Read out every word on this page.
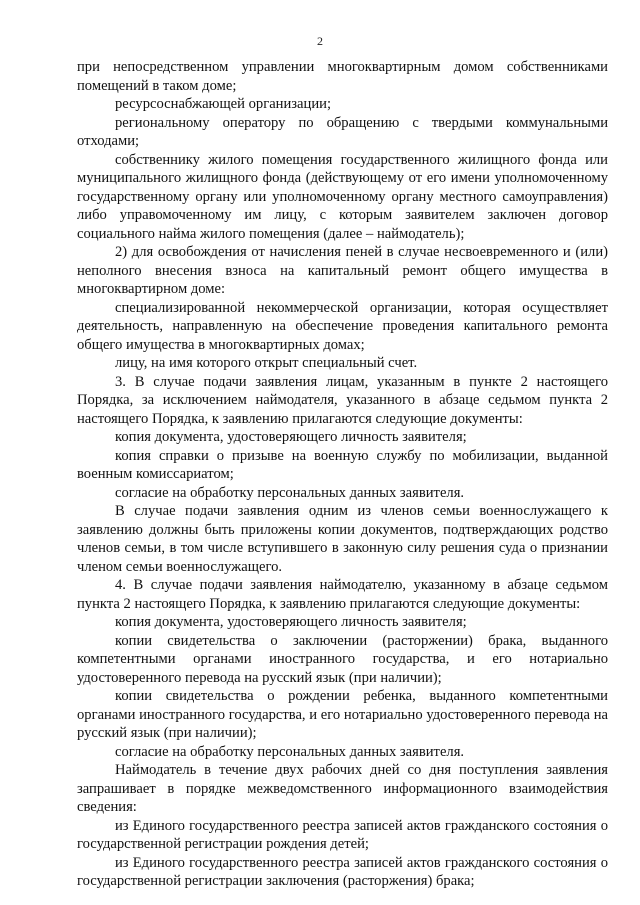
2

при непосредственном управлении многоквартирным домом собственниками помещений в таком доме;

ресурсоснабжающей организации;

региональному оператору по обращению с твердыми коммунальными отходами;

собственнику жилого помещения государственного жилищного фонда или муниципального жилищного фонда (действующему от его имени уполномоченному государственному органу или уполномоченному органу местного самоуправления) либо управомоченному им лицу, с которым заявителем заключен договор социального найма жилого помещения (далее – наймодатель);

2) для освобождения от начисления пеней в случае несвоевременного и (или) неполного внесения взноса на капитальный ремонт общего имущества в многоквартирном доме:

специализированной некоммерческой организации, которая осуществляет деятельность, направленную на обеспечение проведения капитального ремонта общего имущества в многоквартирных домах;

лицу, на имя которого открыт специальный счет.

3. В случае подачи заявления лицам, указанным в пункте 2 настоящего Порядка, за исключением наймодателя, указанного в абзаце седьмом пункта 2 настоящего Порядка, к заявлению прилагаются следующие документы:

копия документа, удостоверяющего личность заявителя;

копия справки о призыве на военную службу по мобилизации, выданной военным комиссариатом;

согласие на обработку персональных данных заявителя.

В случае подачи заявления одним из членов семьи военнослужащего к заявлению должны быть приложены копии документов, подтверждающих родство членов семьи, в том числе вступившего в законную силу решения суда о признании членом семьи военнослужащего.

4. В случае подачи заявления наймодателю, указанному в абзаце седьмом пункта 2 настоящего Порядка, к заявлению прилагаются следующие документы:

копия документа, удостоверяющего личность заявителя;

копии свидетельства о заключении (расторжении) брака, выданного компетентными органами иностранного государства, и его нотариально удостоверенного перевода на русский язык (при наличии);

копии свидетельства о рождении ребенка, выданного компетентными органами иностранного государства, и его нотариально удостоверенного перевода на русский язык (при наличии);

согласие на обработку персональных данных заявителя.

Наймодатель в течение двух рабочих дней со дня поступления заявления запрашивает в порядке межведомственного информационного взаимодействия сведения:

из Единого государственного реестра записей актов гражданского состояния о государственной регистрации рождения детей;

из Единого государственного реестра записей актов гражданского состояния о государственной регистрации заключения (расторжения) брака;
